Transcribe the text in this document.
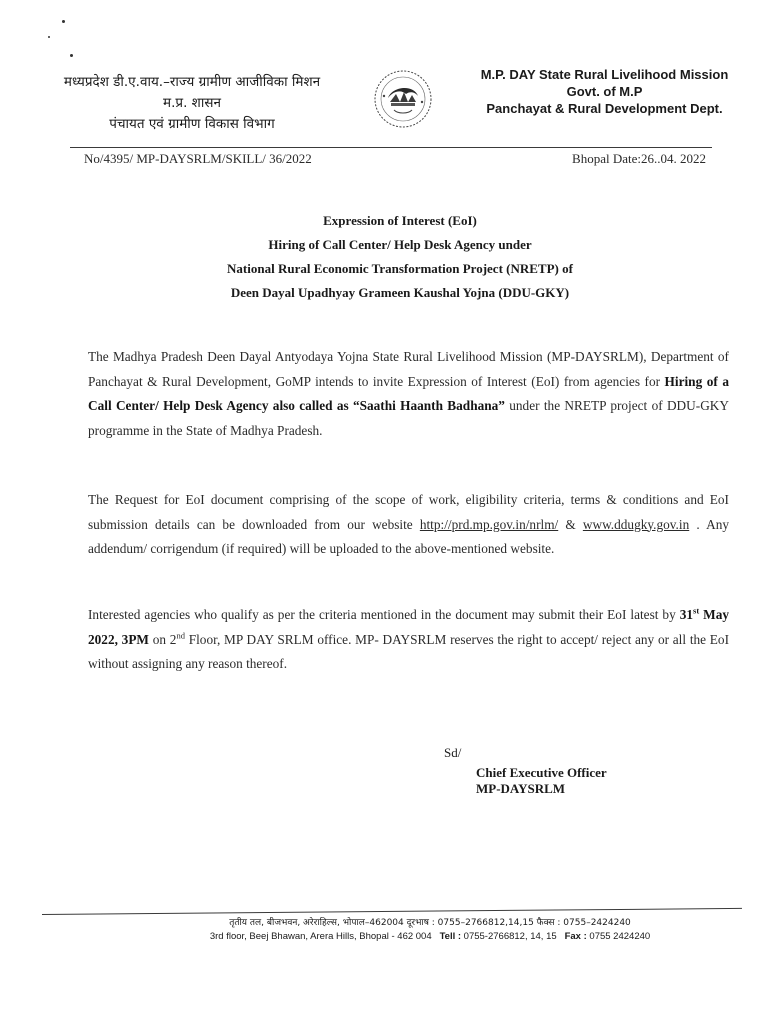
मध्यप्रदेश डी.ए.वाय.–राज्य ग्रामीण आजीविका मिशन
म.प्र. शासन
पंचायत एवं ग्रामीण विकास विभाग
M.P. DAY State Rural Livelihood Mission
Govt. of M.P
Panchayat & Rural Development Dept.
No/4395/ MP-DAYSRLM/SKILL/ 36/2022	Bhopal Date:26..04. 2022
Expression of Interest (EoI)
Hiring of Call Center/ Help Desk Agency under
National Rural Economic Transformation Project (NRETP) of
Deen Dayal Upadhyay Grameen Kaushal Yojna (DDU-GKY)
The Madhya Pradesh Deen Dayal Antyodaya Yojna State Rural Livelihood Mission (MP-DAYSRLM), Department of Panchayat & Rural Development, GoMP intends to invite Expression of Interest (EoI) from agencies for Hiring of a Call Center/ Help Desk Agency also called as “Saathi Haanth Badhana” under the NRETP project of DDU-GKY programme in the State of Madhya Pradesh.
The Request for EoI document comprising of the scope of work, eligibility criteria, terms & conditions and EoI submission details can be downloaded from our website http://prd.mp.gov.in/nrlm/ & www.ddugky.gov.in . Any addendum/ corrigendum (if required) will be uploaded to the above-mentioned website.
Interested agencies who qualify as per the criteria mentioned in the document may submit their EoI latest by 31st May 2022, 3PM on 2nd Floor, MP DAY SRLM office. MP- DAYSRLM reserves the right to accept/ reject any or all the EoI without assigning any reason thereof.
Sd/
Chief Executive Officer
MP-DAYSRLM
तृतीय तल, बीजभवन, अरेराहिल्स, भोपाल–462004 दूरभाष : 0755–2766812,14,15 फैक्स : 0755–2424240
3rd floor, Beej Bhawan, Arera Hills, Bhopal - 462 004 Tell : 0755-2766812, 14, 15 Fax : 0755 2424240
